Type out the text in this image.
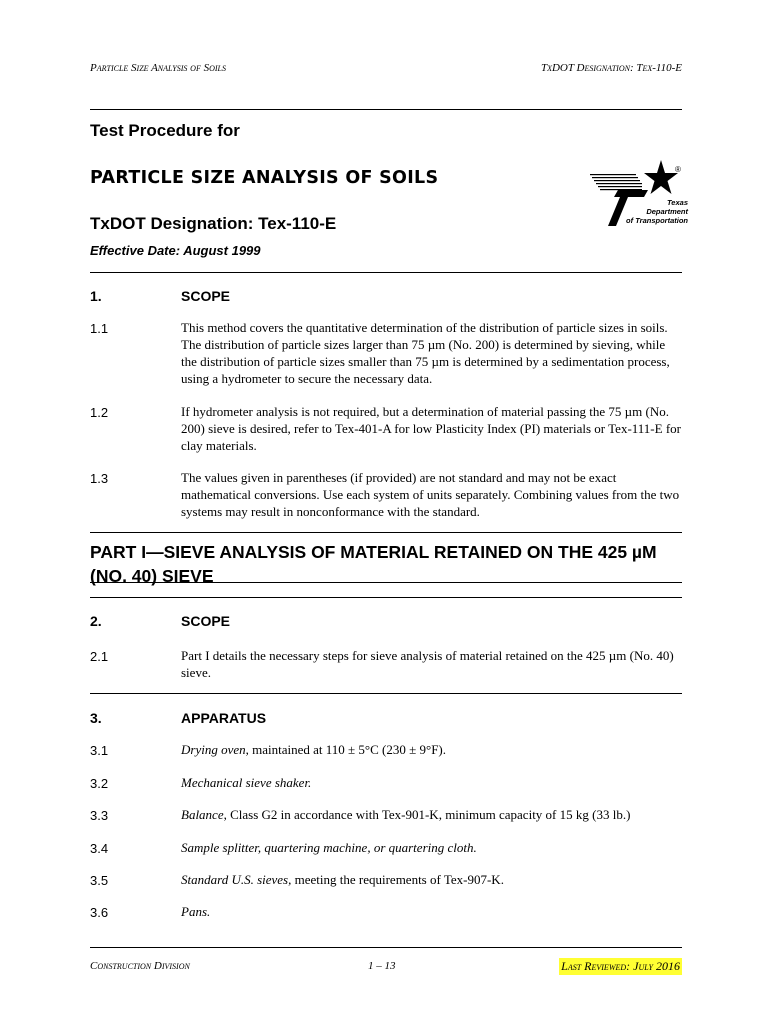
Particle Size Analysis of Soils	TxDOT Designation: Tex-110-E
Test Procedure for
PARTICLE SIZE ANALYSIS OF SOILS
TxDOT Designation: Tex-110-E
Effective Date: August 1999
®
Texas
Department
of Transportation
1.	SCOPE
1.1	This method covers the quantitative determination of the distribution of particle sizes in soils. The distribution of particle sizes larger than 75 µm (No. 200) is determined by sieving, while the distribution of particle sizes smaller than 75 µm is determined by a sedimentation process, using a hydrometer to secure the necessary data.
1.2	If hydrometer analysis is not required, but a determination of material passing the 75 µm (No. 200) sieve is desired, refer to Tex-401-A for low Plasticity Index (PI) materials or Tex-111-E for clay materials.
1.3	The values given in parentheses (if provided) are not standard and may not be exact mathematical conversions. Use each system of units separately. Combining values from the two systems may result in nonconformance with the standard.
PART I—SIEVE ANALYSIS OF MATERIAL RETAINED ON THE 425 µM (NO. 40) SIEVE
2.	SCOPE
2.1	Part I details the necessary steps for sieve analysis of material retained on the 425 µm (No. 40) sieve.
3.	APPARATUS
3.1	Drying oven, maintained at 110 ± 5°C (230 ± 9°F).
3.2	Mechanical sieve shaker.
3.3	Balance, Class G2 in accordance with Tex-901-K, minimum capacity of 15 kg (33 lb.)
3.4	Sample splitter, quartering machine, or quartering cloth.
3.5	Standard U.S. sieves, meeting the requirements of Tex-907-K.
3.6	Pans.
Construction Division	1 – 13	Last Reviewed: July 2016
